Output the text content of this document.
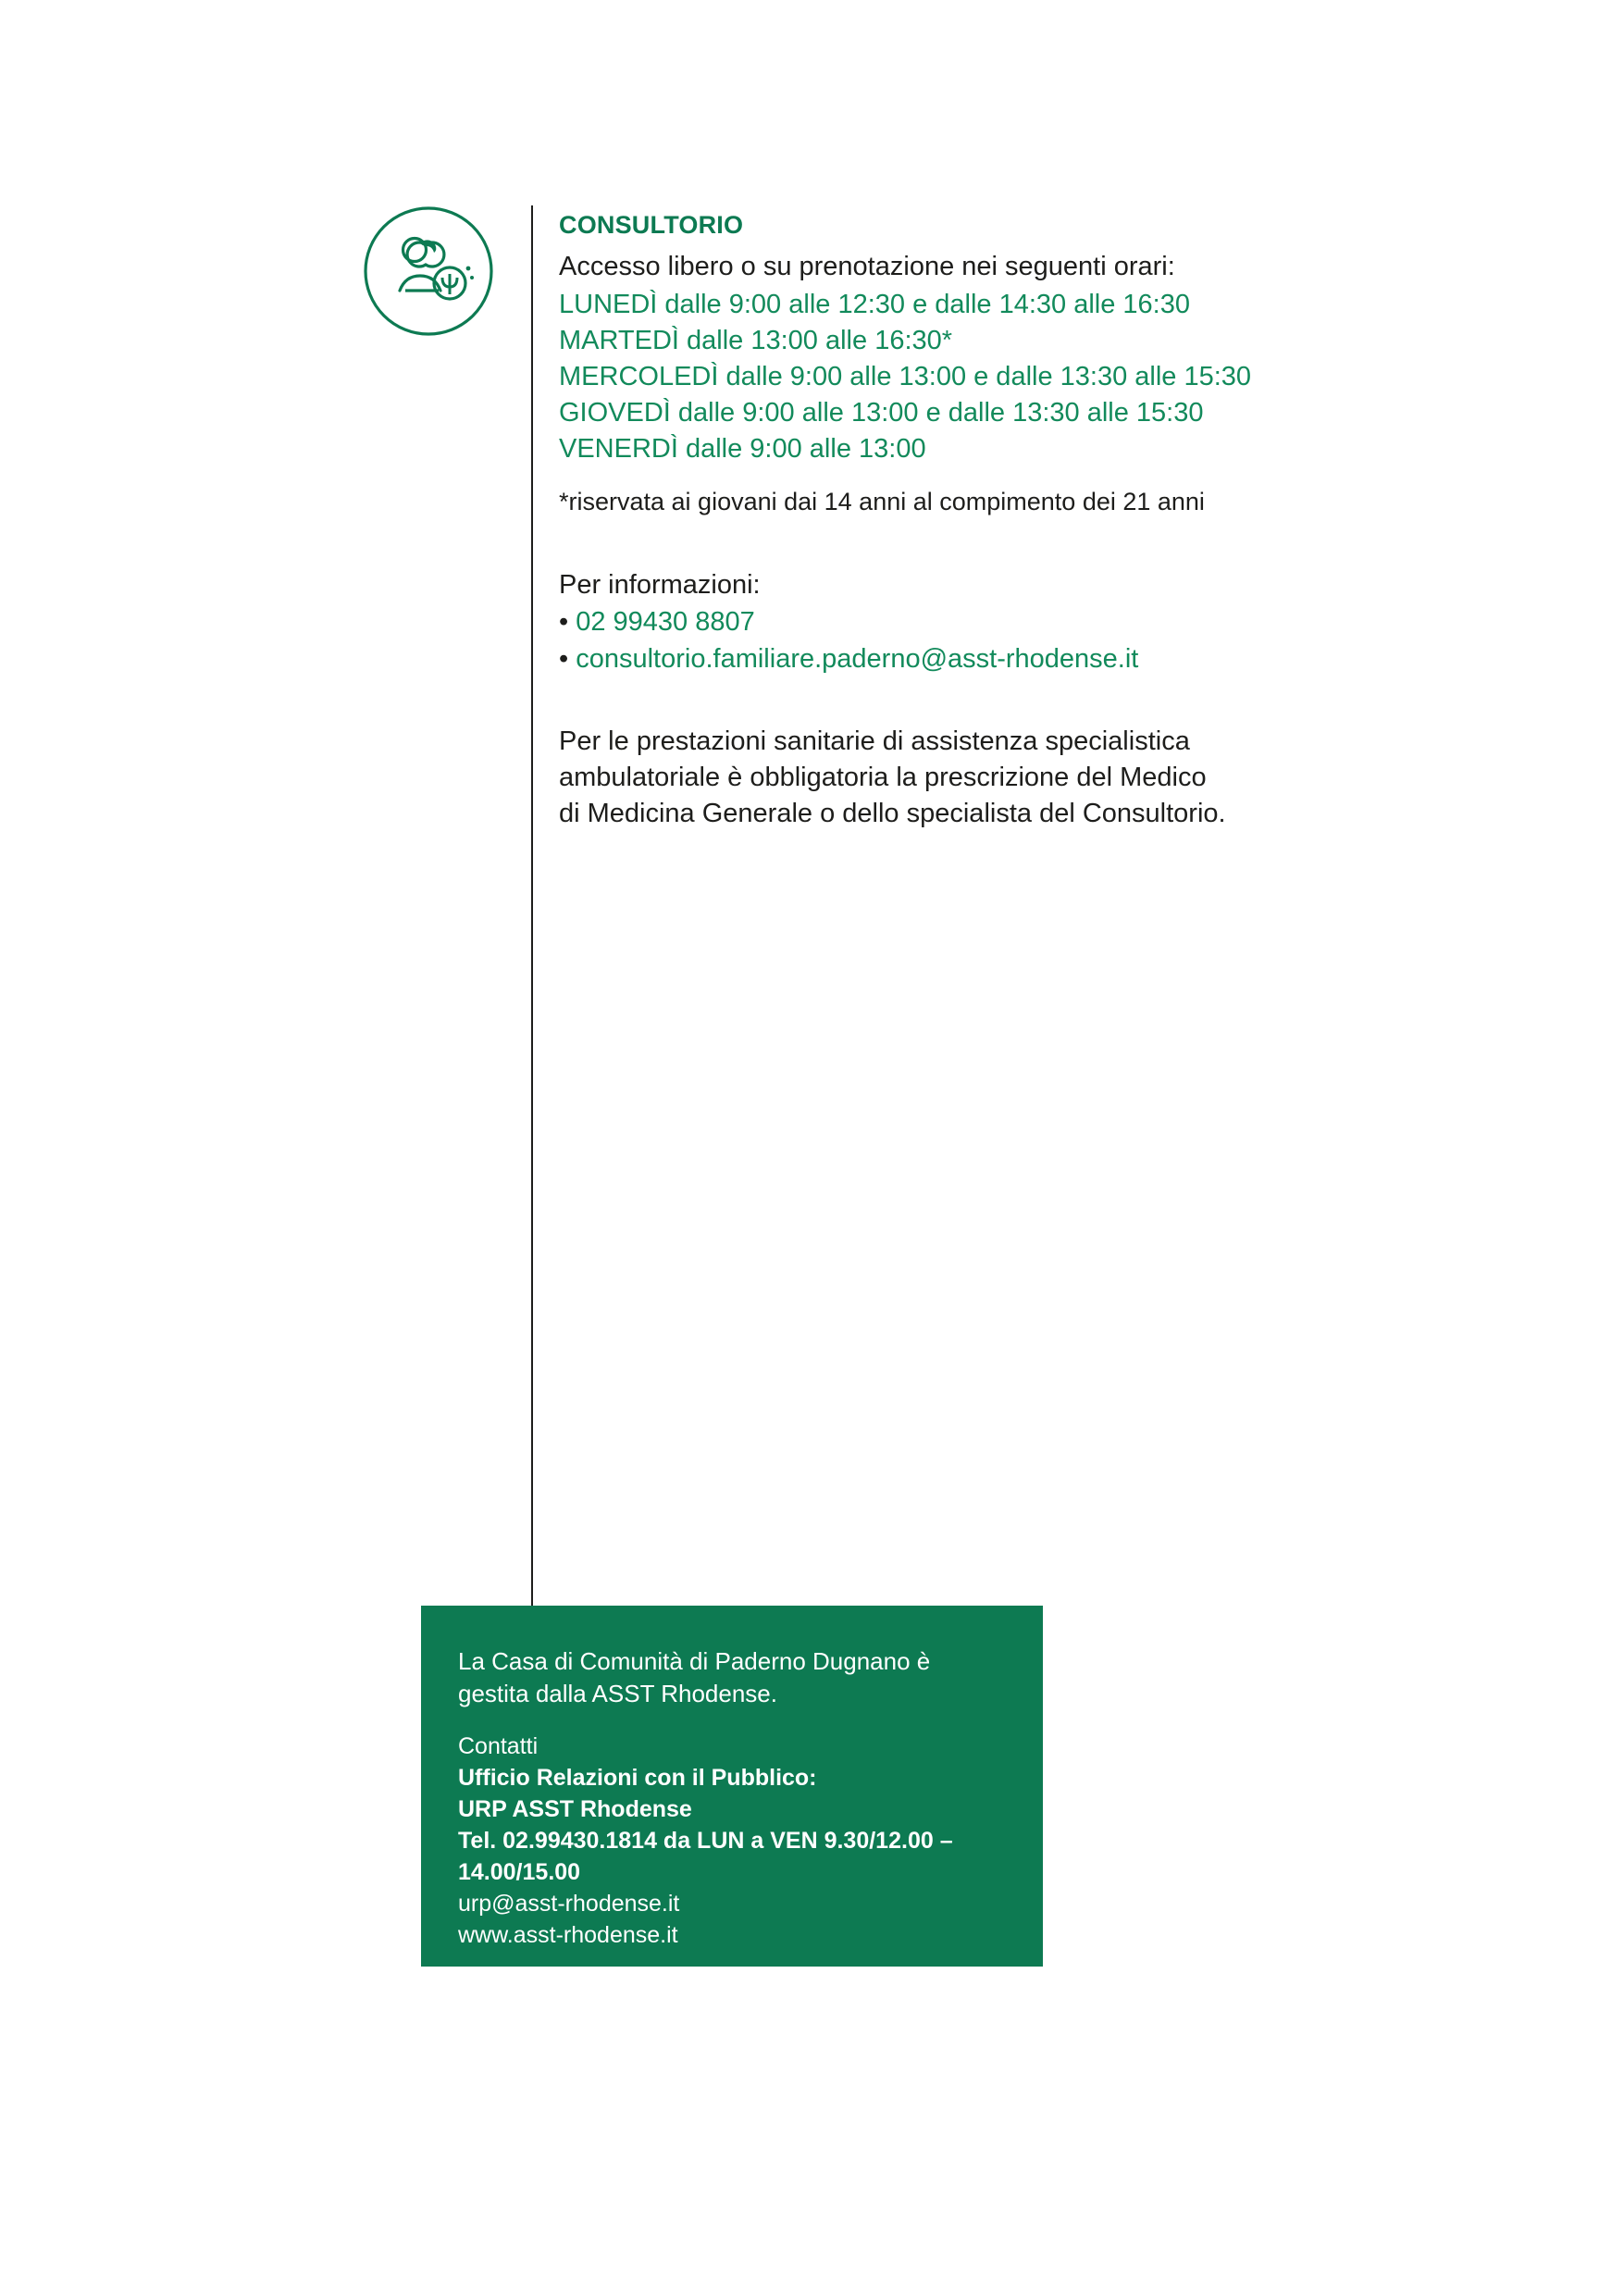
CONSULTORIO

Accesso libero o su prenotazione nei seguenti orari:

LUNEDÌ dalle 9:00 alle 12:30 e dalle 14:30 alle 16:30
MARTEDÌ dalle 13:00 alle 16:30*
MERCOLEDÌ dalle 9:00 alle 13:00 e dalle 13:30 alle 15:30
GIOVEDÌ dalle 9:00 alle 13:00 e dalle 13:30 alle 15:30
VENERDÌ dalle 9:00 alle 13:00

*riservata ai giovani dai 14 anni al compimento dei 21 anni

Per informazioni:

• 02 99430 8807
• consultorio.familiare.paderno@asst-rhodense.it

Per le prestazioni sanitarie di assistenza specialistica ambulatoriale è obbligatoria la prescrizione del Medico di Medicina Generale o dello specialista del Consultorio.

La Casa di Comunità di Paderno Dugnano è gestita dalla ASST Rhodense.

Contatti

Ufficio Relazioni con il Pubblico:

URP ASST Rhodense

Tel. 02.99430.1814 da LUN a VEN 9.30/12.00 – 14.00/15.00

urp@asst-rhodense.it

www.asst-rhodense.it
